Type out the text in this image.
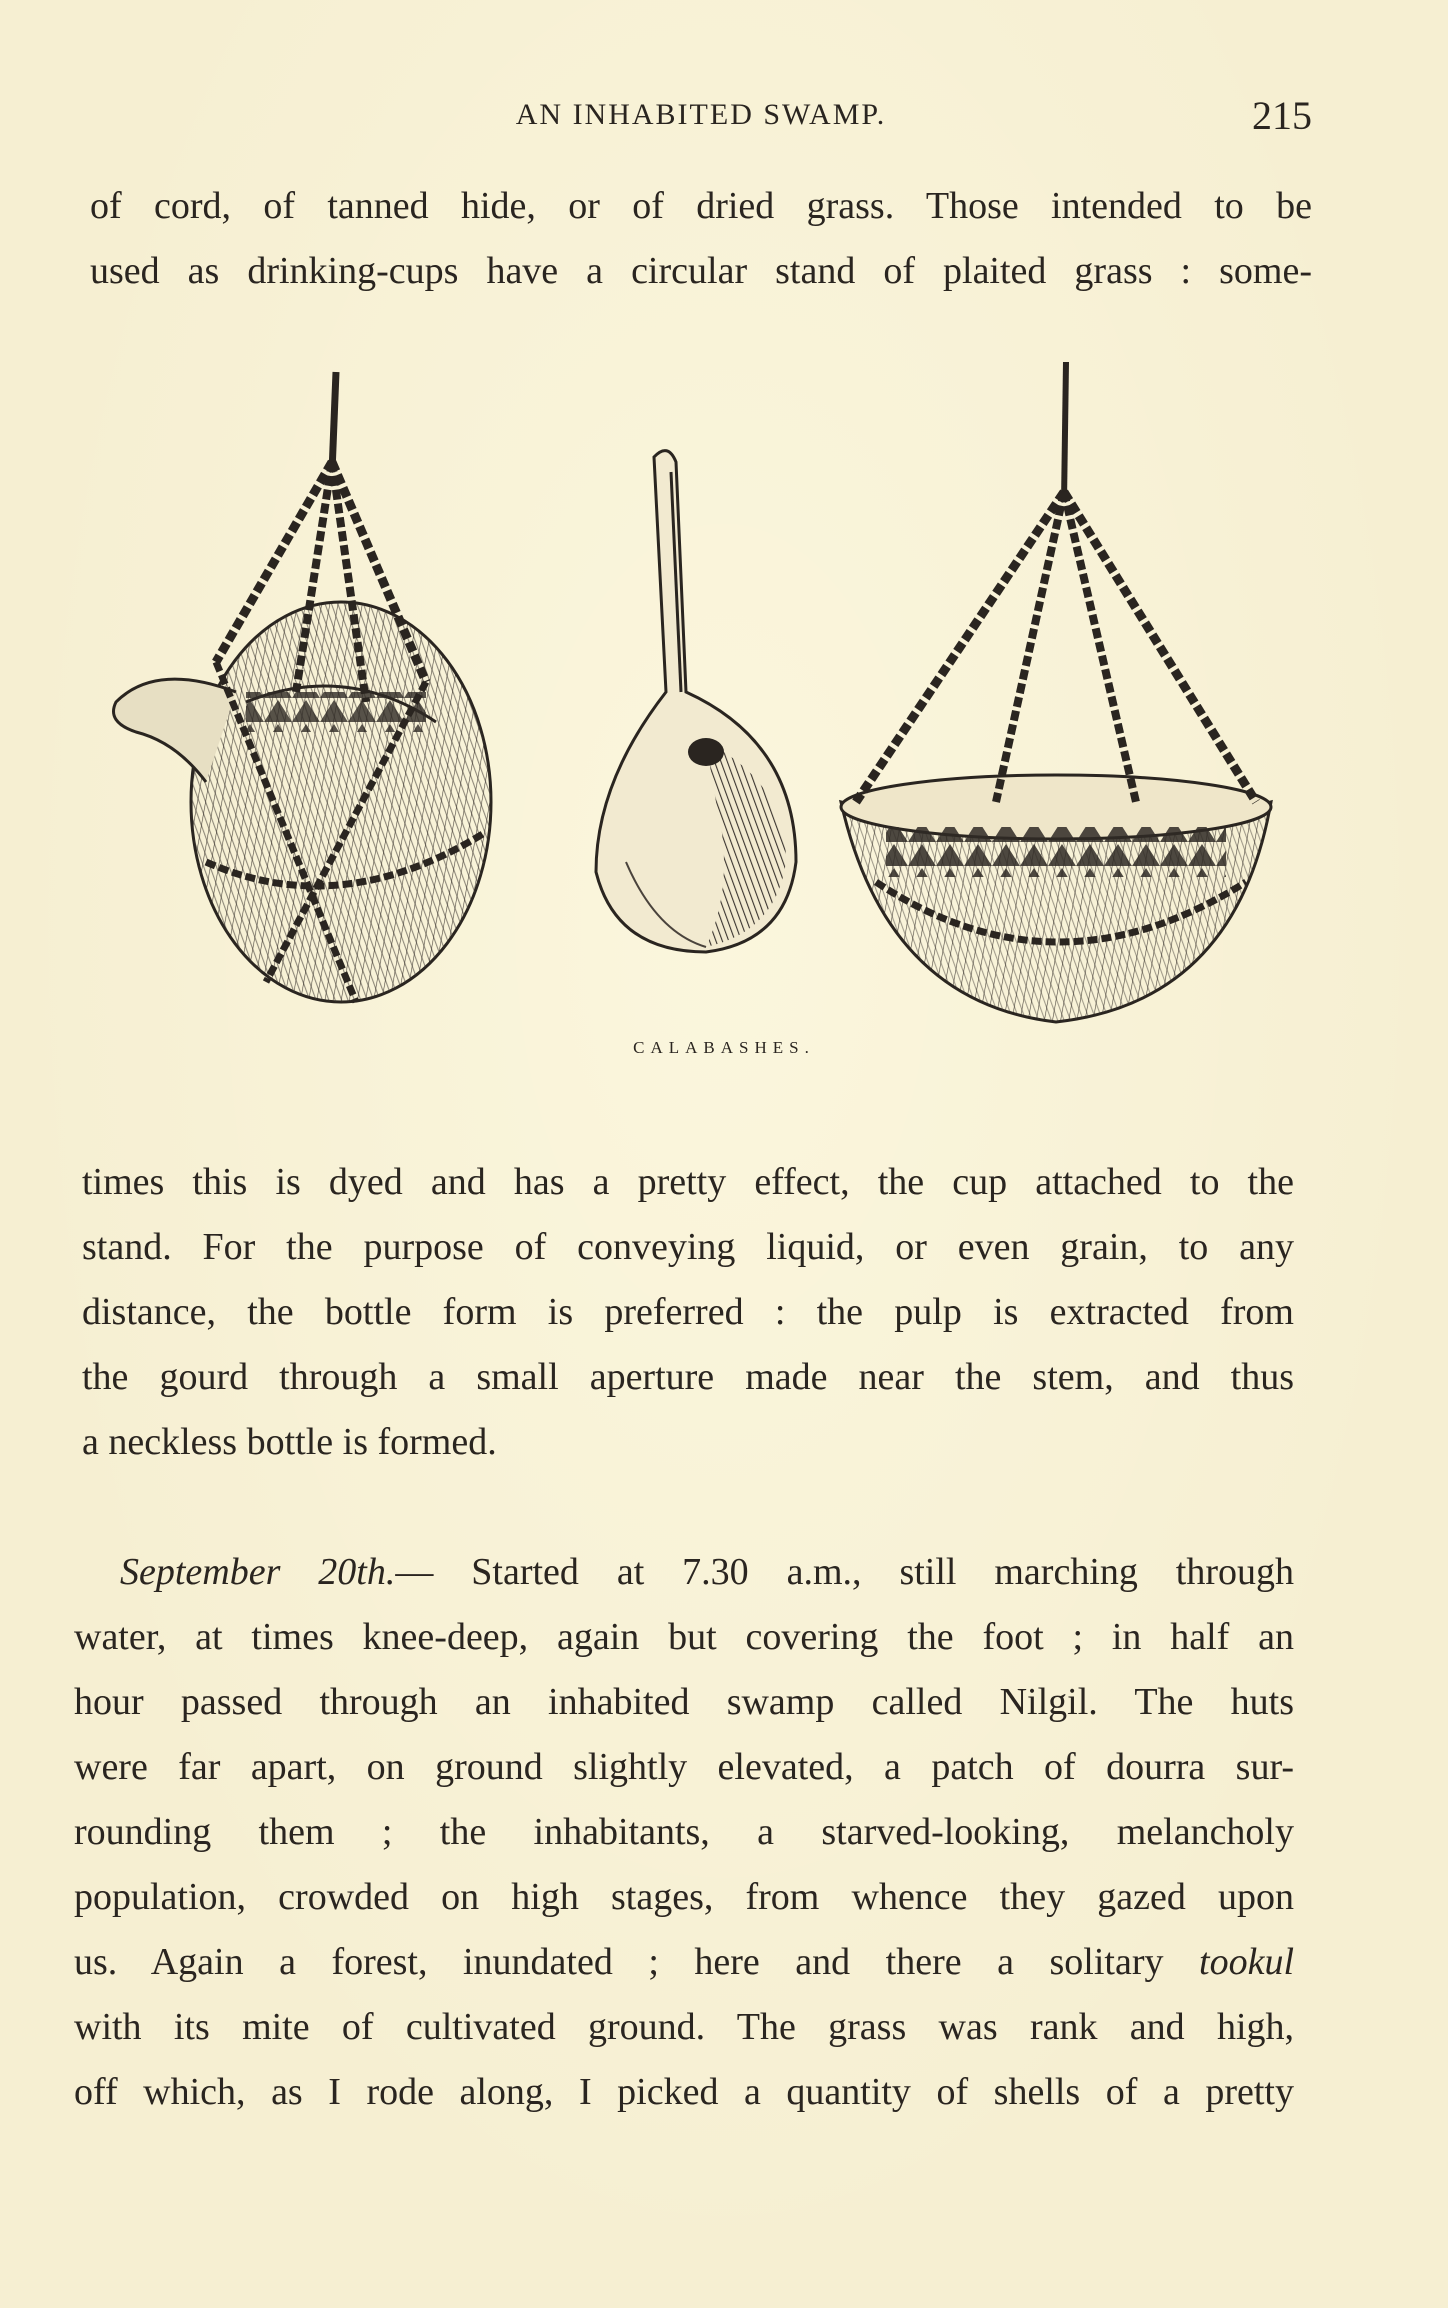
AN INHABITED SWAMP.	215

of cord, of tanned hide, or of dried grass. Those intended to be
used as drinking-cups have a circular stand of plaited grass : some-

CALABASHES.

times this is dyed and has a pretty effect, the cup attached to the
stand. For the purpose of conveying liquid, or even grain, to any
distance, the bottle form is preferred : the pulp is extracted from
the gourd through a small aperture made near the stem, and thus
a neckless bottle is formed.

September 20th.— Started at 7.30 a.m., still marching through
water, at times knee-deep, again but covering the foot ; in half an
hour passed through an inhabited swamp called Nilgil. The huts
were far apart, on ground slightly elevated, a patch of dourra sur-
rounding them ; the inhabitants, a starved-looking, melancholy
population, crowded on high stages, from whence they gazed upon
us. Again a forest, inundated ; here and there a solitary tookul
with its mite of cultivated ground. The grass was rank and high,
off which, as I rode along, I picked a quantity of shells of a pretty
